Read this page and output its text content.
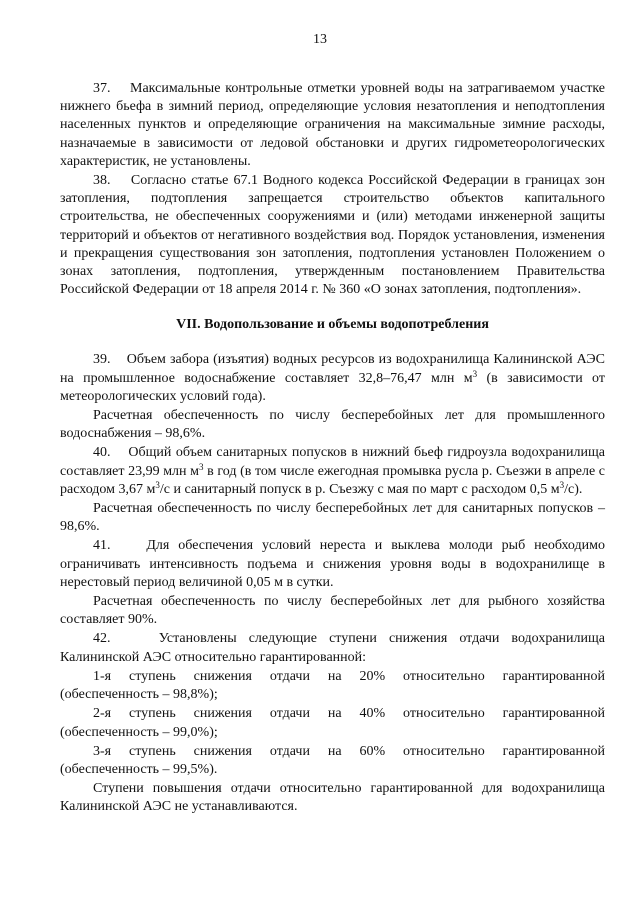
13

37.    Максимальные контрольные отметки уровней воды на затрагиваемом участке нижнего бьефа в зимний период, определяющие условия незатопления и неподтопления населенных пунктов и определяющие ограничения на максимальные зимние расходы, назначаемые в зависимости от ледовой обстановки и других гидрометеорологических характеристик, не установлены.

38.    Согласно статье 67.1 Водного кодекса Российской Федерации в границах зон затопления, подтопления запрещается строительство объектов капитального строительства, не обеспеченных сооружениями и (или) методами инженерной защиты территорий и объектов от негативного воздействия вод. Порядок установления, изменения и прекращения существования зон затопления, подтопления установлен Положением о зонах затопления, подтопления, утвержденным постановлением Правительства Российской Федерации от 18 апреля 2014 г. № 360 «О зонах затопления, подтопления».

VII. Водопользование и объемы водопотребления

39.    Объем забора (изъятия) водных ресурсов из водохранилища Калининской АЭС на промышленное водоснабжение составляет 32,8–76,47 млн $м^3$ (в зависимости от метеорологических условий года).

Расчетная обеспеченность по числу бесперебойных лет для промышленного водоснабжения – 98,6%.

40.    Общий объем санитарных попусков в нижний бьеф гидроузла водохранилища составляет 23,99 млн $м^3$ в год (в том числе ежегодная промывка русла р. Съезжи в апреле с расходом 3,67 $м^3/с$ и санитарный попуск в р. Съезжу с мая по март с расходом 0,5 $м^3/с$).

Расчетная обеспеченность по числу бесперебойных лет для санитарных попусков – 98,6%.

41.    Для обеспечения условий нереста и выклева молоди рыб необходимо ограничивать интенсивность подъема и снижения уровня воды в водохранилище в нерестовый период величиной 0,05 м в сутки.

Расчетная обеспеченность по числу бесперебойных лет для рыбного хозяйства составляет 90%.

42.    Установлены следующие ступени снижения отдачи водохранилища Калининской АЭС относительно гарантированной:

1-я ступень снижения отдачи на 20% относительно гарантированной (обеспеченность – 98,8%);

2-я ступень снижения отдачи на 40% относительно гарантированной (обеспеченность – 99,0%);

3-я ступень снижения отдачи на 60% относительно гарантированной (обеспеченность – 99,5%).

Ступени повышения отдачи относительно гарантированной для водохранилища Калининской АЭС не устанавливаются.
